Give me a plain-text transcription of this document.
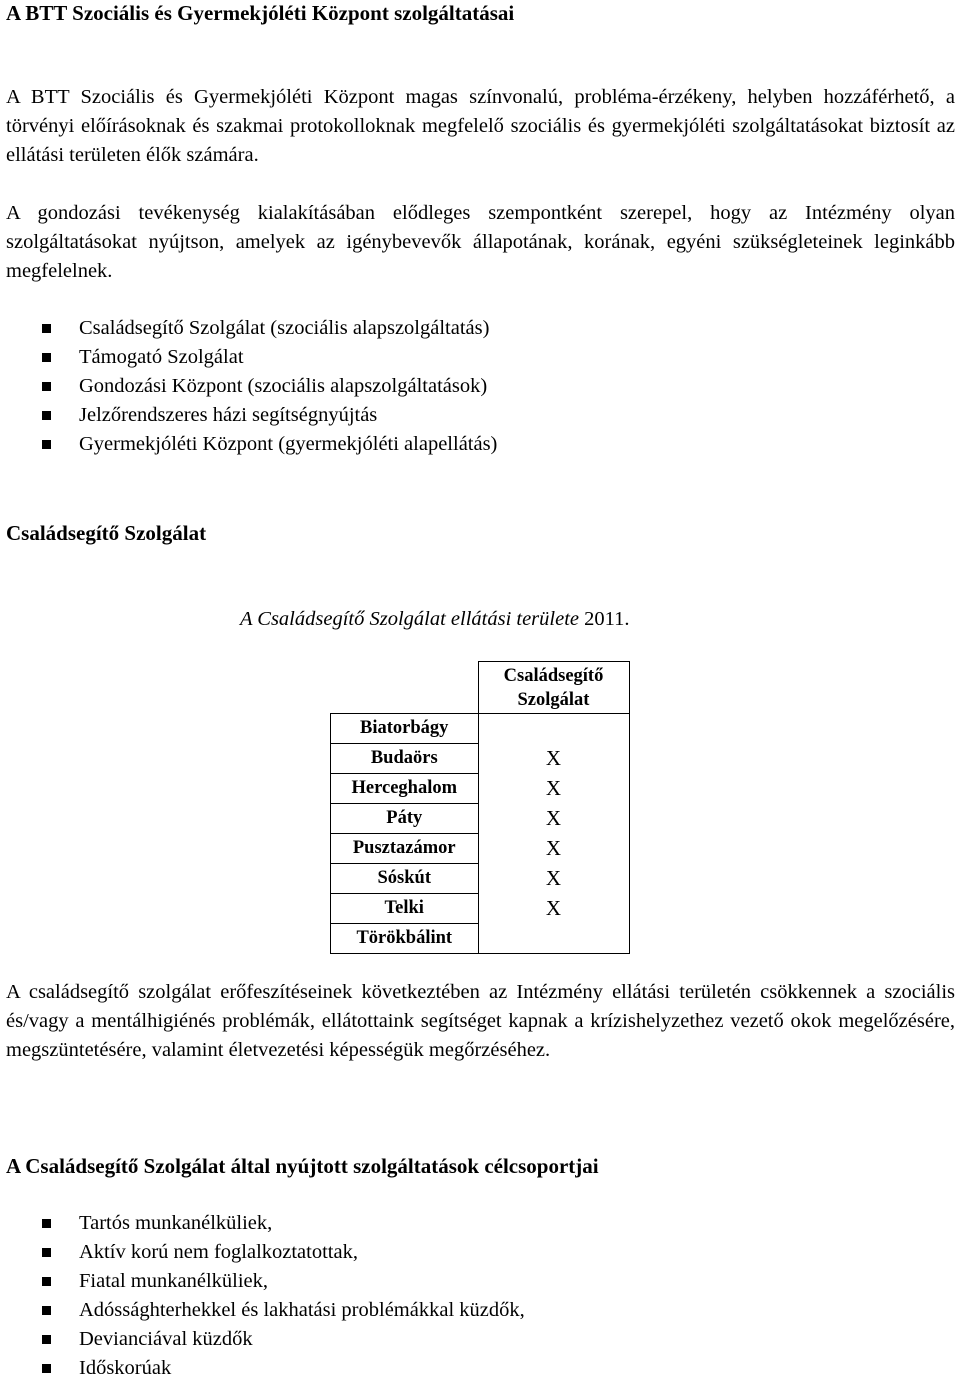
A BTT Szociális és Gyermekjóléti Központ szolgáltatásai

A BTT Szociális és Gyermekjóléti Központ magas színvonalú, probléma-érzékeny, helyben hozzáférhető, a törvényi előírásoknak és szakmai protokolloknak megfelelő szociális és gyermekjóléti szolgáltatásokat biztosít az ellátási területen élők számára.

A gondozási tevékenység kialakításában elődleges szempontként szerepel, hogy az Intézmény olyan szolgáltatásokat nyújtson, amelyek az igénybevevők állapotának, korának, egyéni szükségleteinek leginkább megfelelnek.

Családsegítő Szolgálat (szociális alapszolgáltatás)
Támogató Szolgálat
Gondozási Központ (szociális alapszolgáltatások)
Jelzőrendszeres házi segítségnyújtás
Gyermekjóléti Központ (gyermekjóléti alapellátás)
Családsegítő Szolgálat

A Családsegítő Szolgálat ellátási területe 2011.

	Családsegítő Szolgálat
Biatorbágy	
Budaörs	X
Herceghalom	X
Páty	X
Pusztazámor	X
Sóskút	X
Telki	X
Törökbálint	

A családsegítő szolgálat erőfeszítéseinek következtében az Intézmény ellátási területén csökkennek a szociális és/vagy a mentálhigiénés problémák, ellátottaink segítséget kapnak a krízishelyzethez vezető okok megelőzésére, megszüntetésére, valamint életvezetési képességük megőrzéséhez.

A Családsegítő Szolgálat által nyújtott szolgáltatások célcsoportjai
Tartós munkanélküliek,
Aktív korú nem foglalkoztatottak,
Fiatal munkanélküliek,
Adóssághterhekkel és lakhatási problémákkal küzdők,
Devianciával küzdők
Időskorúak
